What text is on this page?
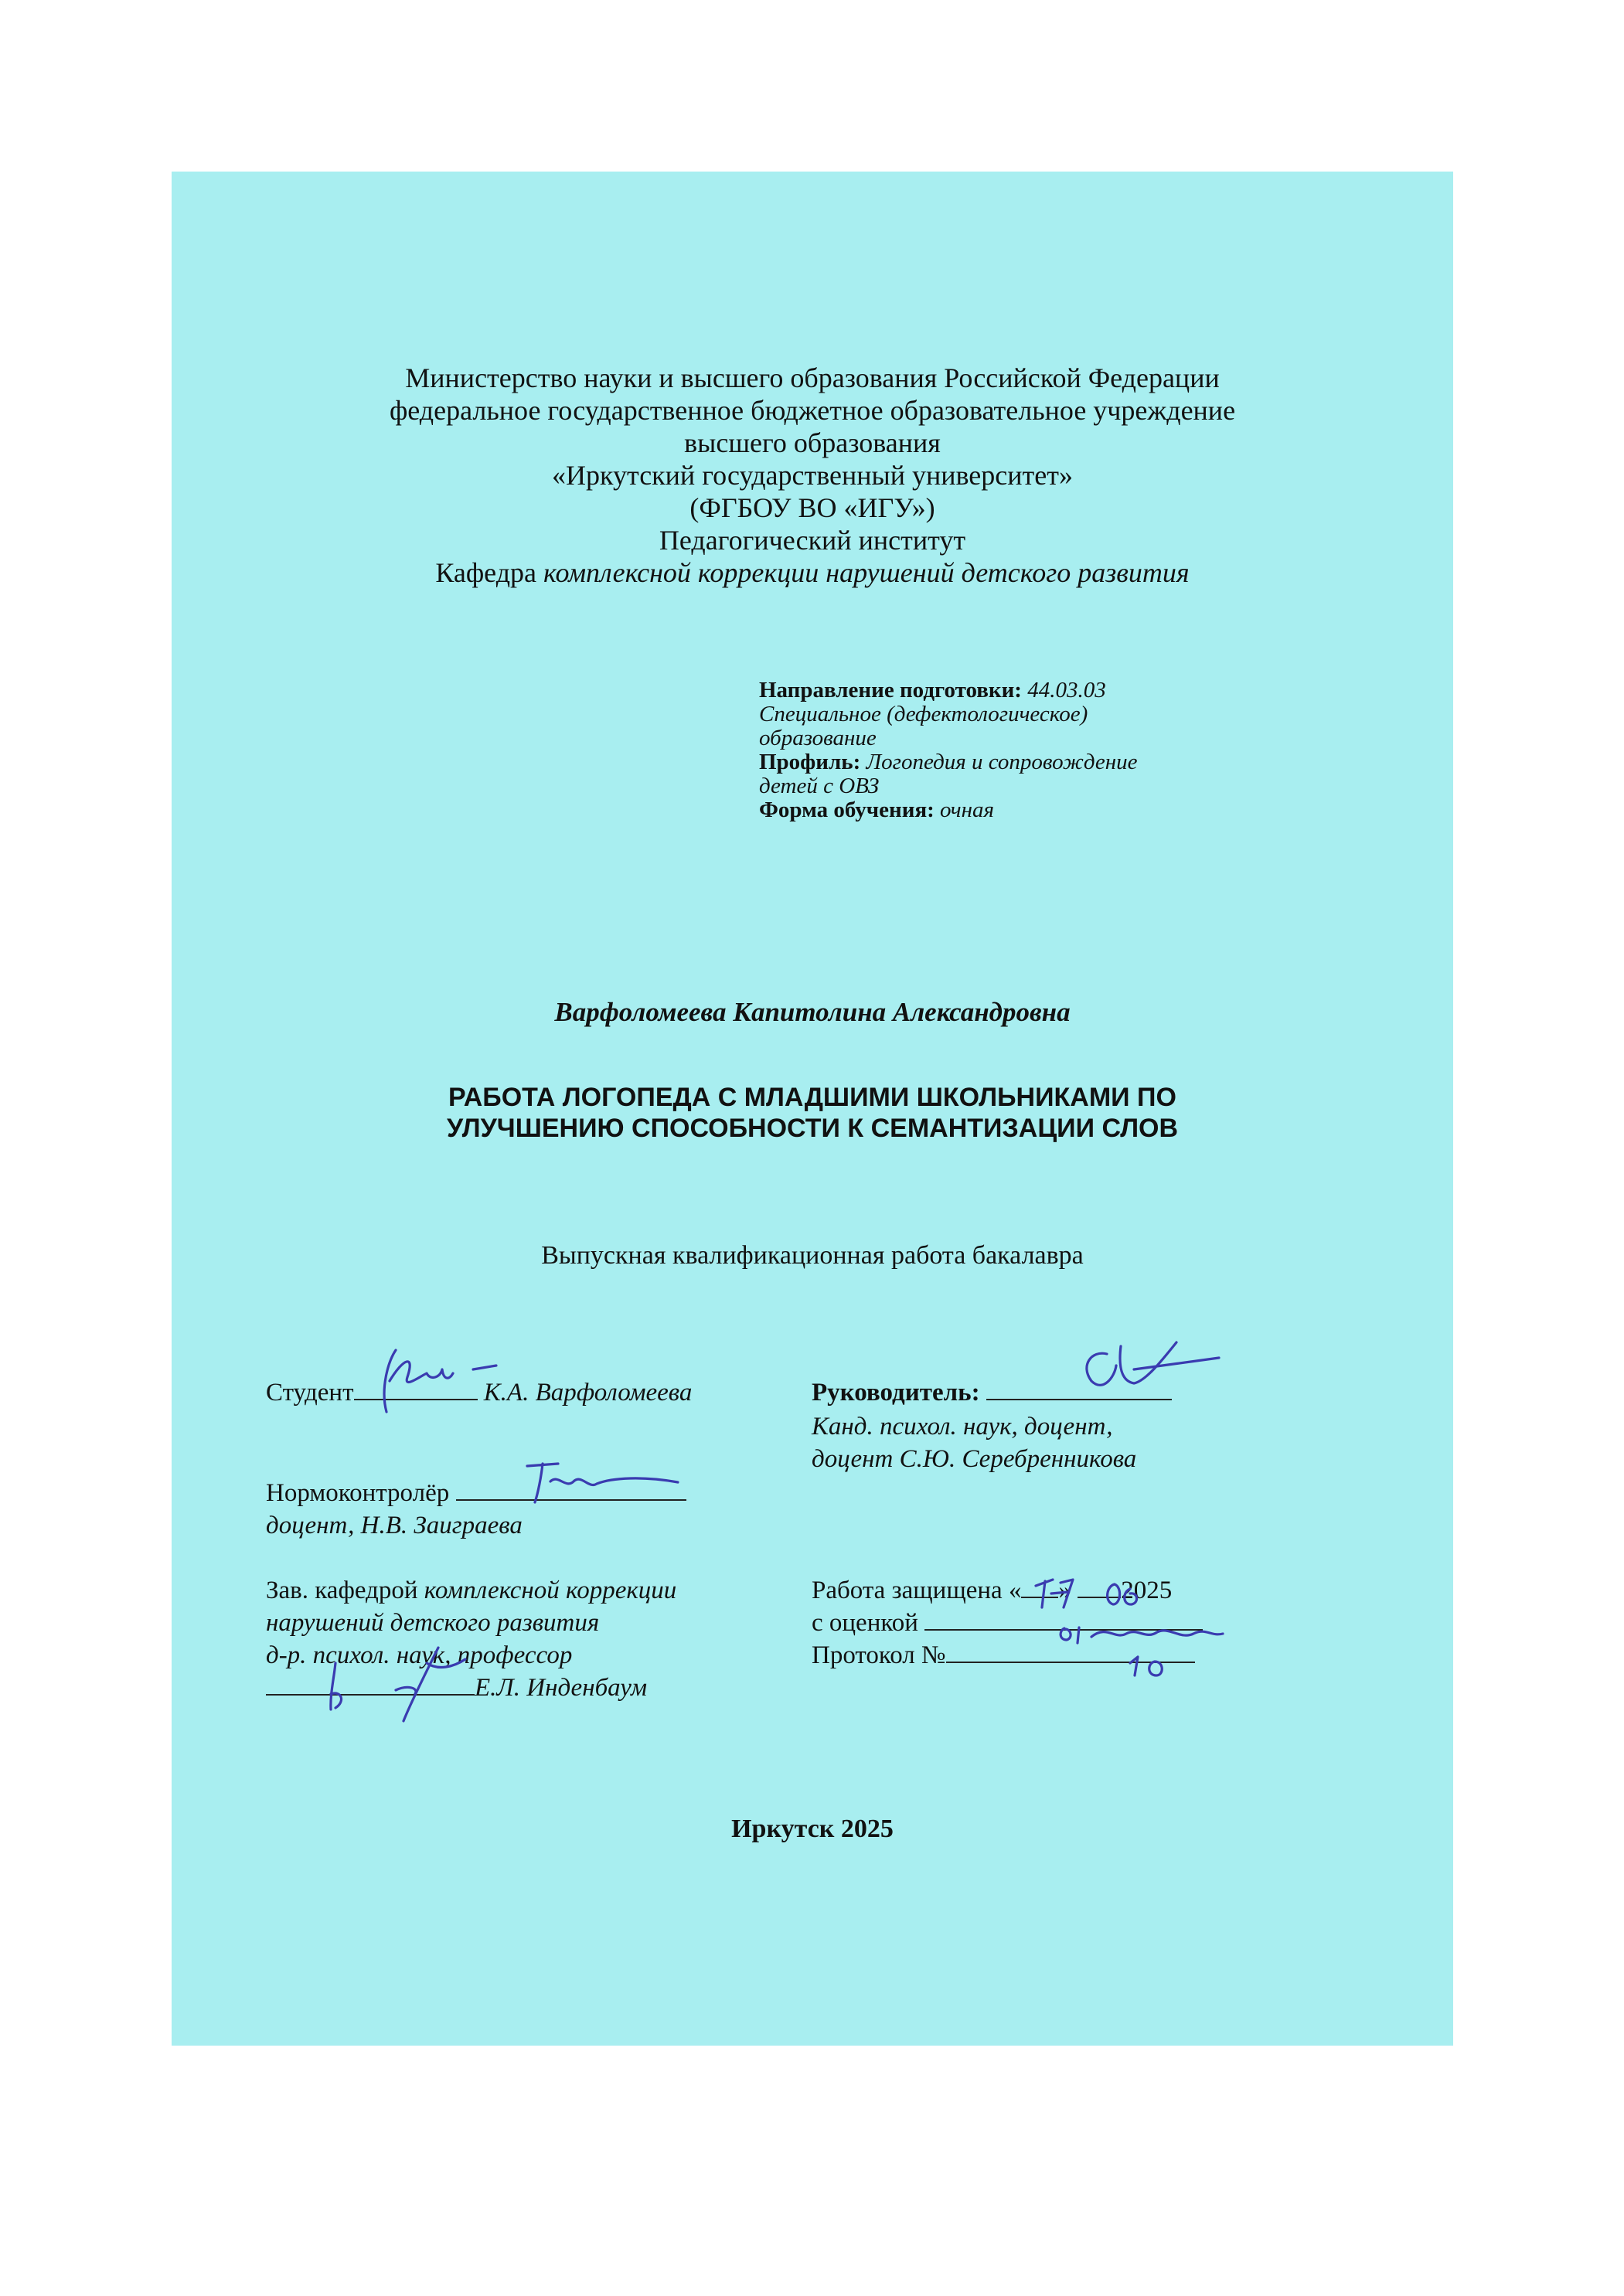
Министерство науки и высшего образования Российской Федерации
федеральное государственное бюджетное образовательное учреждение
высшего образования
«Иркутский государственный университет»
(ФГБОУ ВО «ИГУ»)
Педагогический институт
Кафедра комплексной коррекции нарушений детского развития
Направление подготовки: 44.03.03
Специальное (дефектологическое)
образование
Профиль: Логопедия и сопровождение
детей с ОВЗ
Форма обучения: очная
Варфоломеева Капитолина Александровна
РАБОТА ЛОГОПЕДА С МЛАДШИМИ ШКОЛЬНИКАМИ ПО
УЛУЧШЕНИЮ СПОСОБНОСТИ К СЕМАНТИЗАЦИИ СЛОВ
Выпускная квалификационная работа бакалавра
Студент	К.А. Варфоломеева	Руководитель:
Канд. психол. наук, доцент,
доцент С.Ю. Серебренникова
Нормоконтролёр
доцент, Н.В. Заиграева
Зав. кафедрой комплексной коррекции
нарушений детского развития
д-р. психол. наук, профессор
Е.Л. Инденбаум
Работа защищена « » 2025
с оценкой
Протокол №
Иркутск 2025
